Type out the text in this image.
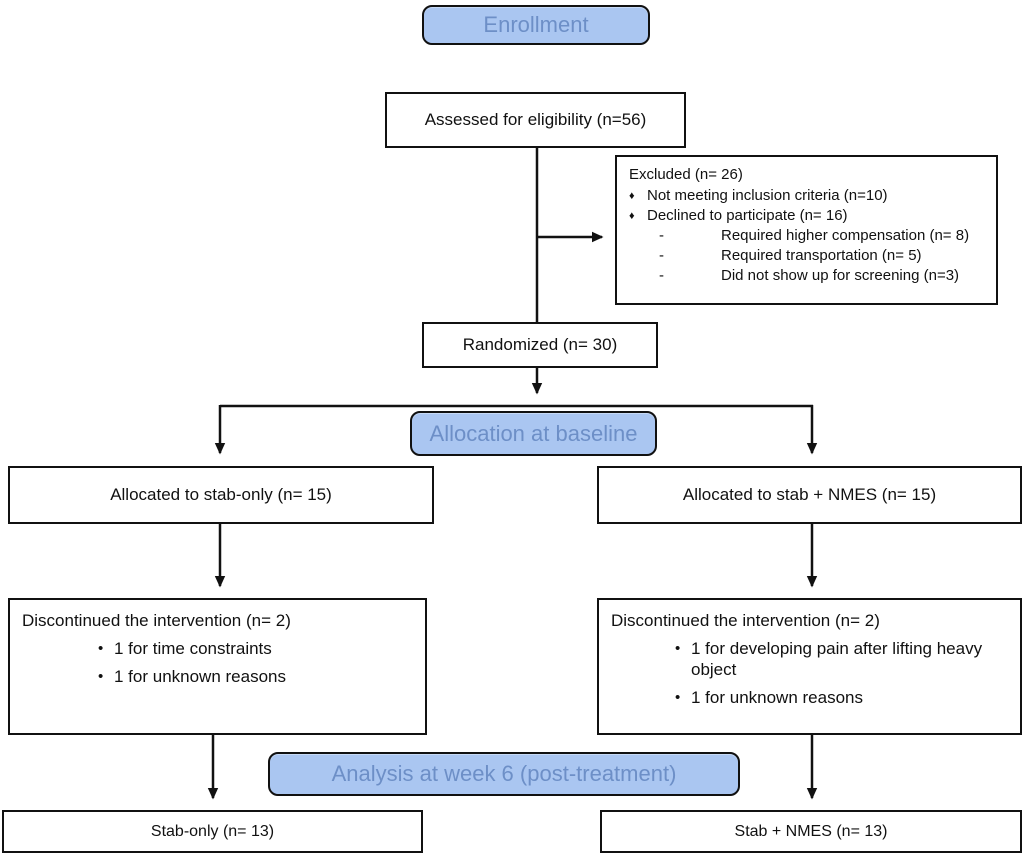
Enrollment
Allocation at baseline
Analysis at week 6 (post-treatment)
Assessed for eligibility (n=56)
Excluded (n= 26)
♦ Not meeting inclusion criteria (n=10)
♦ Declined to participate (n= 16)
-	Required higher compensation (n= 8)
-	Required transportation (n= 5)
-	Did not show up for screening (n=3)
Randomized (n= 30)
Allocated to stab-only (n= 15)	Allocated to stab + NMES (n= 15)
Discontinued the intervention (n= 2)
• 1 for time constraints
• 1 for unknown reasons
Discontinued the intervention (n= 2)
• 1 for developing pain after lifting heavy object
• 1 for unknown reasons
Stab-only (n= 13)	Stab + NMES (n= 13)
